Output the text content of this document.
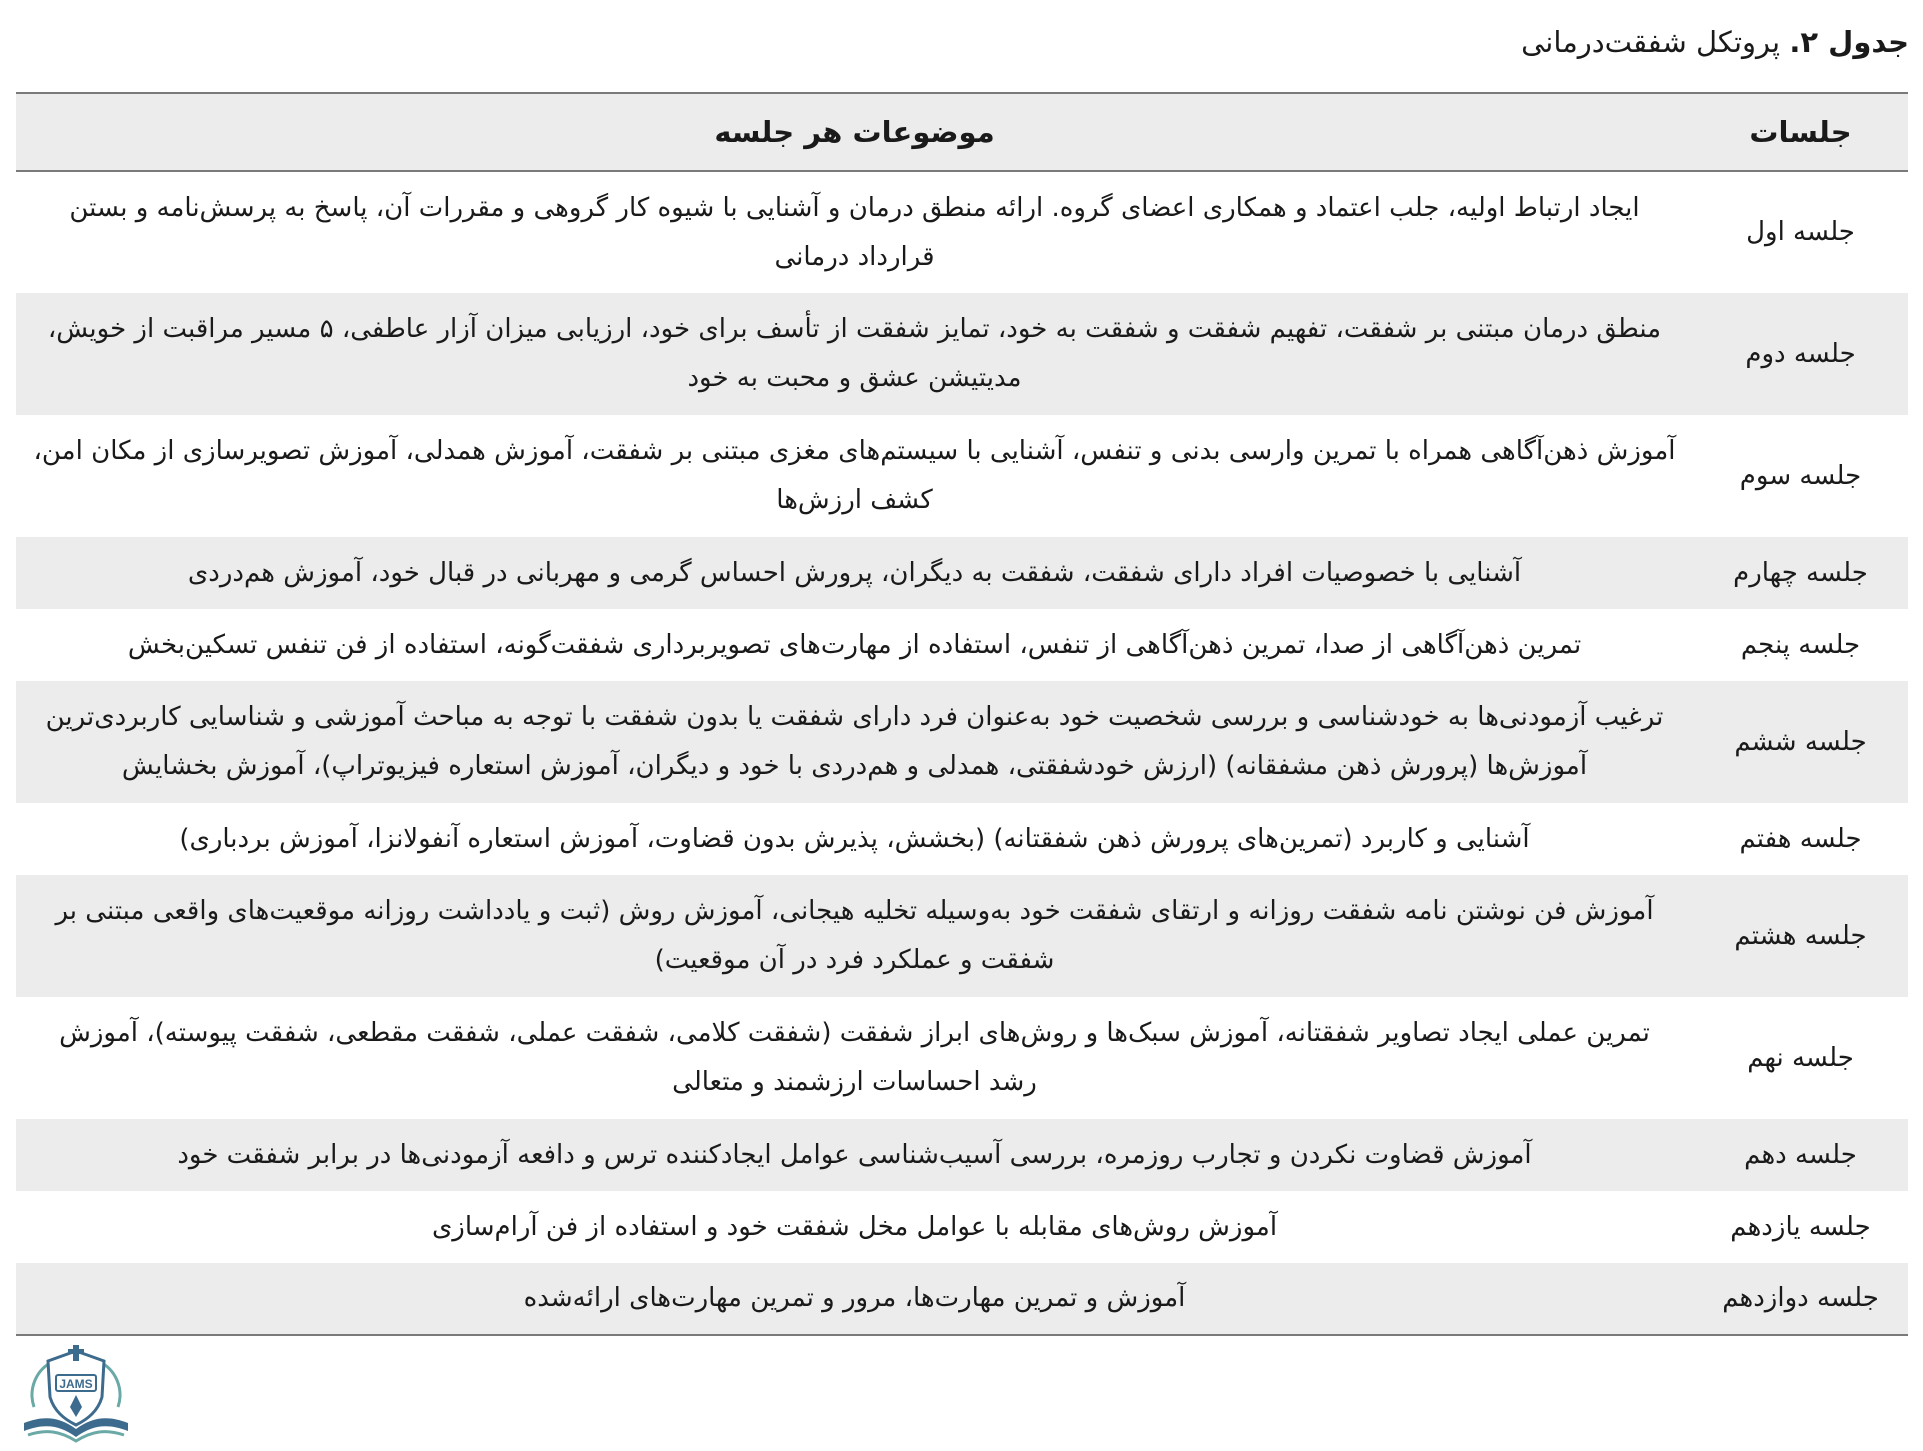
جدول ۲. پروتکل شفقت‌درمانی
جلسات	موضوعات هر جلسه
جلسه اول	ایجاد ارتباط اولیه، جلب اعتماد و همکاری اعضای گروه. ارائه منطق درمان و آشنایی با شیوه کار گروهی و مقررات آن، پاسخ به پرسش‌نامه و بستن قرارداد درمانی
جلسه دوم	منطق درمان مبتنی بر شفقت، تفهیم شفقت و شفقت به خود، تمایز شفقت از تأسف برای خود، ارزیابی میزان آزار عاطفی، ۵ مسیر مراقبت از خویش، مدیتیشن عشق و محبت به خود
جلسه سوم	آموزش ذهن‌آگاهی همراه با تمرین وارسی بدنی و تنفس، آشنایی با سیستم‌های مغزی مبتنی بر شفقت، آموزش همدلی، آموزش تصویرسازی از مکان امن، کشف ارزش‌ها
جلسه چهارم	آشنایی با خصوصیات افراد دارای شفقت، شفقت به دیگران، پرورش احساس گرمی و مهربانی در قبال خود، آموزش هم‌دردی
جلسه پنجم	تمرین ذهن‌آگاهی از صدا، تمرین ذهن‌آگاهی از تنفس، استفاده از مهارت‌های تصویربرداری شفقت‌گونه، استفاده از فن تنفس تسکین‌بخش
جلسه ششم	ترغیب آزمودنی‌ها به خودشناسی و بررسی شخصیت خود به‌عنوان فرد دارای شفقت یا بدون شفقت با توجه به مباحث آموزشی و شناسایی کاربردی‌ترین آموزش‌ها (پرورش ذهن مشفقانه) (ارزش خودشفقتی، همدلی و هم‌دردی با خود و دیگران، آموزش استعاره فیزیوتراپ)، آموزش بخشایش
جلسه هفتم	آشنایی و کاربرد (تمرین‌های پرورش ذهن شفقتانه) (بخشش، پذیرش بدون قضاوت، آموزش استعاره آنفولانزا، آموزش بردباری)
جلسه هشتم	آموزش فن نوشتن نامه شفقت روزانه و ارتقای شفقت خود به‌وسیله تخلیه هیجانی، آموزش روش (ثبت و یادداشت روزانه موقعیت‌های واقعی مبتنی بر شفقت و عملکرد فرد در آن موقعیت)
جلسه نهم	تمرین عملی ایجاد تصاویر شفقتانه، آموزش سبک‌ها و روش‌های ابراز شفقت (شفقت کلامی، شفقت عملی، شفقت مقطعی، شفقت پیوسته)، آموزش رشد احساسات ارزشمند و متعالی
جلسه دهم	آموزش قضاوت نکردن و تجارب روزمره، بررسی آسیب‌شناسی عوامل ایجادکننده ترس و دافعه آزمودنی‌ها در برابر شفقت خود
جلسه یازدهم	آموزش روش‌های مقابله با عوامل مخل شفقت خود و استفاده از فن آرام‌سازی
جلسه دوازدهم	آموزش و تمرین مهارت‌ها، مرور و تمرین مهارت‌های ارائه‌شده
JAMS
